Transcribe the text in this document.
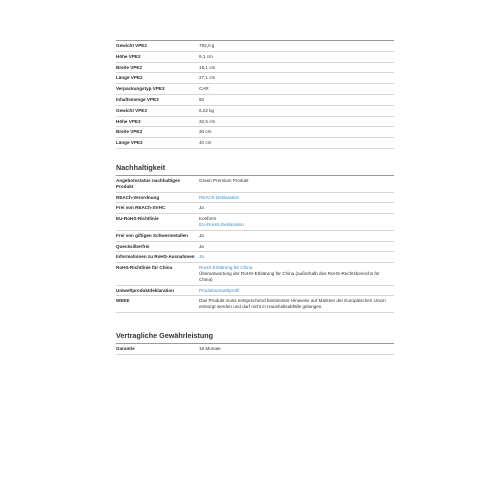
Gewicht VPE2	792,0 g
Höhe VPE2	9,1 cm
Breite VPE2	18,1 cm
Länge VPE2	27,1 cm
Verpackungstyp VPE3	CAR
Inhaltsmenge VPE3	60
Gewicht VPE3	6,22 kg
Höhe VPE3	32,5 cm
Breite VPE3	30 cm
Länge VPE3	40 cm
Nachhaltigkeit
Angebotsstatus nachhaltiges Produkt	Green Premium Produkt
REACh-Verordnung	REACh-Deklaration

Frei von REACh-SVHC	Ja
EU-RoHS-Richtlinie	Konform
EU-RoHS-Deklaration

Frei von giftigen Schwermetallen	Ja
Quecksilberfrei	Ja
Informationen zu RoHS-Ausnahmen	Ja

RoHS-Richtlinie für China	RoHS-Erklärung für China
Überantwortung der RoHS-Erklärung für China (außerhalb des RoHS-Rechtsbereichs für China)

Umweltproduktdeklaration	Produktumweltprofil

WEEE	Das Produkt muss entsprechend bestimmter Hinweise auf Märkten der Europäischen Union entsorgt werden und darf nicht in Haushaltsabfälle gelangen.
Vertragliche Gewährleistung
Garantie	18 Monate
